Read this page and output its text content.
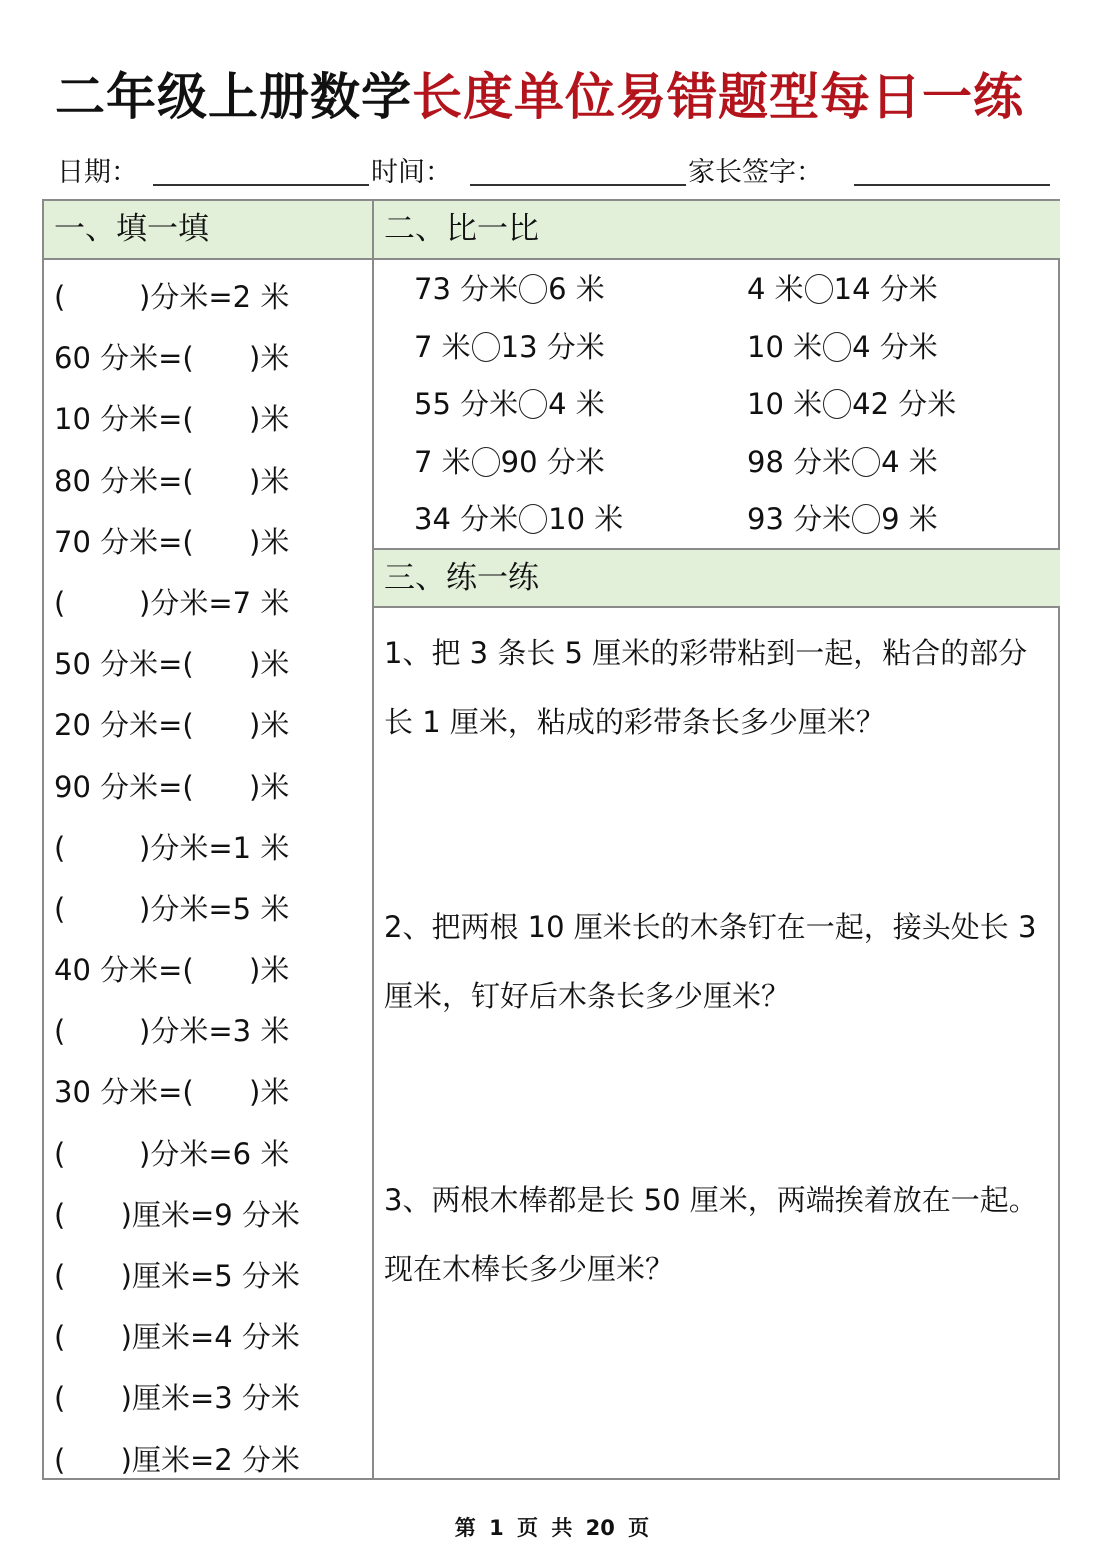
二年级上册数学长度单位易错题型每日一练
日期：	时间：	家长签字：
一、填一填
(        )分米=2 米
60 分米=(      )米
10 分米=(      )米
80 分米=(      )米
70 分米=(      )米
(        )分米=7 米
50 分米=(      )米
20 分米=(      )米
90 分米=(      )米
(        )分米=1 米
(        )分米=5 米
40 分米=(      )米
(        )分米=3 米
30 分米=(      )米
(        )分米=6 米
(      )厘米=9 分米
(      )厘米=5 分米
(      )厘米=4 分米
(      )厘米=3 分米
(      )厘米=2 分米
二、比一比
73 分米 6 米	4 米 14 分米
7 米 13 分米	10 米 4 分米
55 分米 4 米	10 米 42 分米
7 米 90 分米	98 分米 4 米
34 分米 10 米	93 分米 9 米
三、练一练
1、把 3 条长 5 厘米的彩带粘到一起，粘合的部分长 1 厘米，粘成的彩带条长多少厘米？
2、把两根 10 厘米长的木条钉在一起，接头处长 3 厘米，钉好后木条长多少厘米？
3、两根木棒都是长 50 厘米，两端挨着放在一起。现在木棒长多少厘米？
第 1 页 共 20 页
